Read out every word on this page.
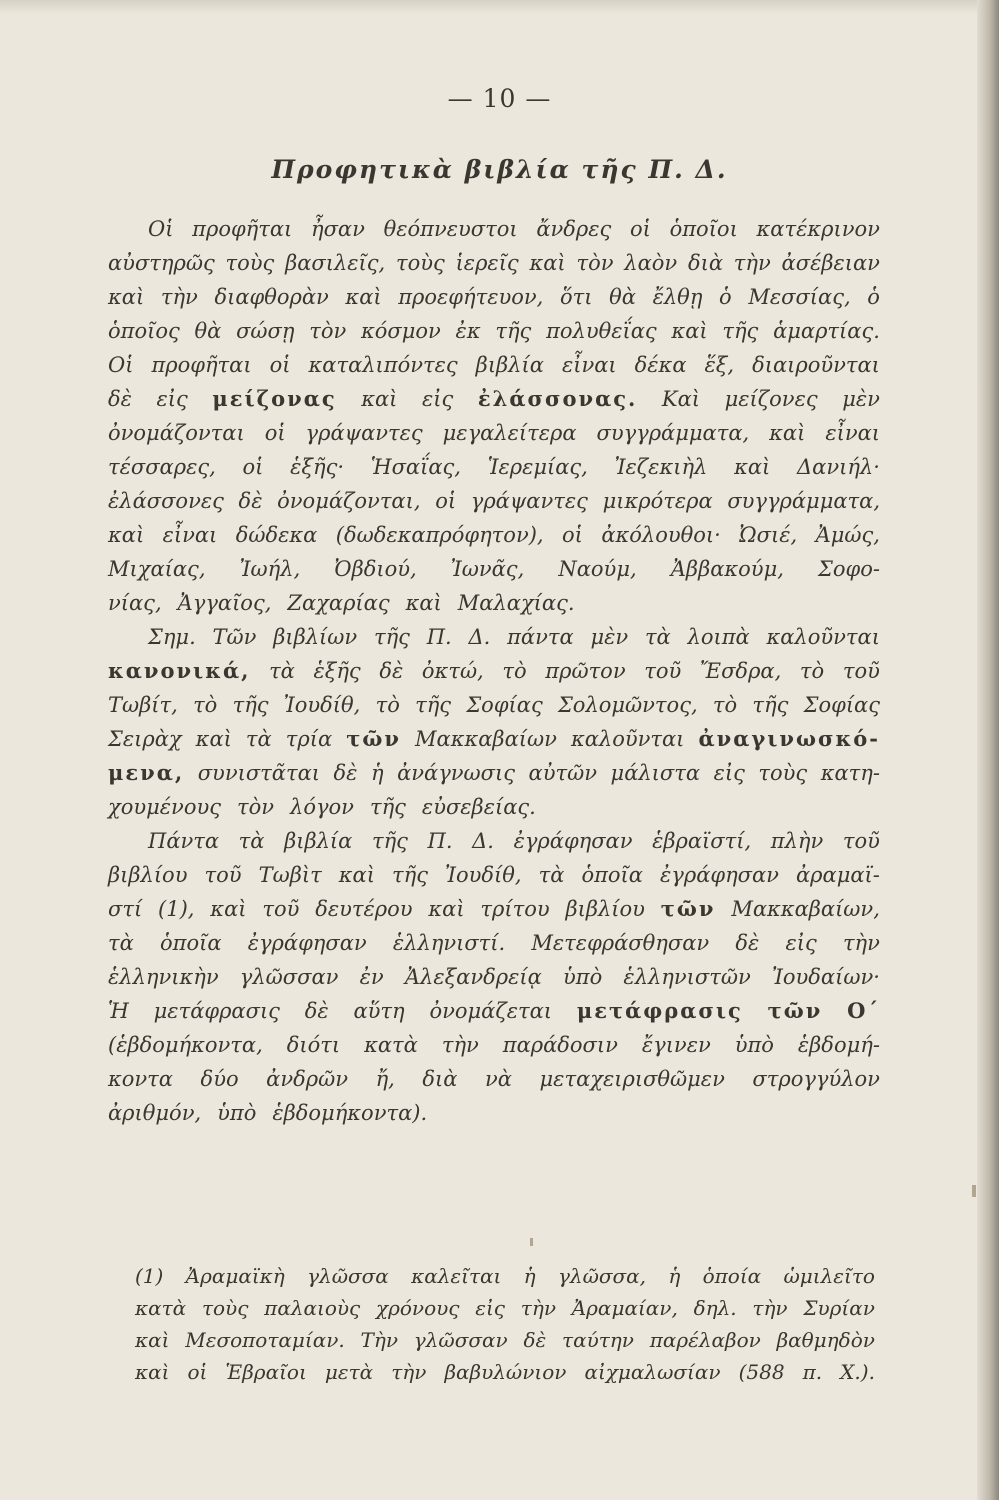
— 10 —
Προφητικὰ βιβλία τῆς Π. Δ.
Οἱ προφῆται ἦσαν θεόπνευστοι ἄνδρες οἱ ὁποῖοι κατέκρινον
αὐστηρῶς τοὺς βασιλεῖς, τοὺς ἱερεῖς καὶ τὸν λαὸν διὰ τὴν ἀσέβειαν
καὶ τὴν διαφθορὰν καὶ προεφήτευον, ὅτι θὰ ἔλθῃ ὁ Μεσσίας, ὁ
ὁποῖος θὰ σώσῃ τὸν κόσμον ἐκ τῆς πολυθεΐας καὶ τῆς ἁμαρτίας.
Οἱ προφῆται οἱ καταλιπόντες βιβλία εἶναι δέκα ἕξ, διαιροῦνται
δὲ εἰς μείζονας καὶ εἰς ἐλάσσονας. Καὶ μείζονες μὲν
ὀνομάζονται οἱ γράψαντες μεγαλείτερα συγγράμματα, καὶ εἶναι
τέσσαρες, οἱ ἑξῆς· Ἡσαΐας, Ἱερεμίας, Ἰεζεκιὴλ καὶ Δανιήλ·
ἐλάσσονες δὲ ὀνομάζονται, οἱ γράψαντες μικρότερα συγγράμματα,
καὶ εἶναι δώδεκα (δωδεκαπρόφητον), οἱ ἀκόλουθοι· Ὠσιέ, Ἀμώς,
Μιχαίας, Ἰωήλ, Ὀβδιού, Ἰωνᾶς, Ναούμ, Ἀββακούμ, Σοφο-
νίας, Ἀγγαῖος, Ζαχαρίας καὶ Μαλαχίας.
Σημ. Τῶν βιβλίων τῆς Π. Δ. πάντα μὲν τὰ λοιπὰ καλοῦνται
κανονικά, τὰ ἑξῆς δὲ ὀκτώ, τὸ πρῶτον τοῦ Ἔσδρα, τὸ τοῦ
Τωβίτ, τὸ τῆς Ἰουδίθ, τὸ τῆς Σοφίας Σολομῶντος, τὸ τῆς Σοφίας
Σειρὰχ καὶ τὰ τρία τῶν Μακκαβαίων καλοῦνται ἀναγινωσκό-
μενα, συνιστᾶται δὲ ἡ ἀνάγνωσις αὐτῶν μάλιστα εἰς τοὺς κατη-
χουμένους τὸν λόγον τῆς εὐσεβείας.
Πάντα τὰ βιβλία τῆς Π. Δ. ἐγράφησαν ἑβραϊστί, πλὴν τοῦ
βιβλίου τοῦ Τωβὶτ καὶ τῆς Ἰουδίθ, τὰ ὁποῖα ἐγράφησαν ἀραμαϊ-
στί (1), καὶ τοῦ δευτέρου καὶ τρίτου βιβλίου τῶν Μακκαβαίων,
τὰ ὁποῖα ἐγράφησαν ἑλληνιστί. Μετεφράσθησαν δὲ εἰς τὴν
ἑλληνικὴν γλῶσσαν ἐν Ἀλεξανδρείᾳ ὑπὸ ἑλληνιστῶν Ἰουδαίων·
Ἡ μετάφρασις δὲ αὕτη ὀνομάζεται μετάφρασις τῶν Ο΄
(ἑβδομήκοντα, διότι κατὰ τὴν παράδοσιν ἔγινεν ὑπὸ ἑβδομή-
κοντα δύο ἀνδρῶν ἤ, διὰ νὰ μεταχειρισθῶμεν στρογγύλον
ἀριθμόν, ὑπὸ ἑβδομήκοντα).
(1) Ἀραμαϊκὴ γλῶσσα καλεῖται ἡ γλῶσσα, ἡ ὁποία ὡμιλεῖτο
κατὰ τοὺς παλαιοὺς χρόνους εἰς τὴν Ἀραμαίαν, δηλ. τὴν Συρίαν
καὶ Μεσοποταμίαν. Τὴν γλῶσσαν δὲ ταύτην παρέλαβον βαθμηδὸν
καὶ οἱ Ἑβραῖοι μετὰ τὴν βαβυλώνιον αἰχμαλωσίαν (588 π. Χ.).
